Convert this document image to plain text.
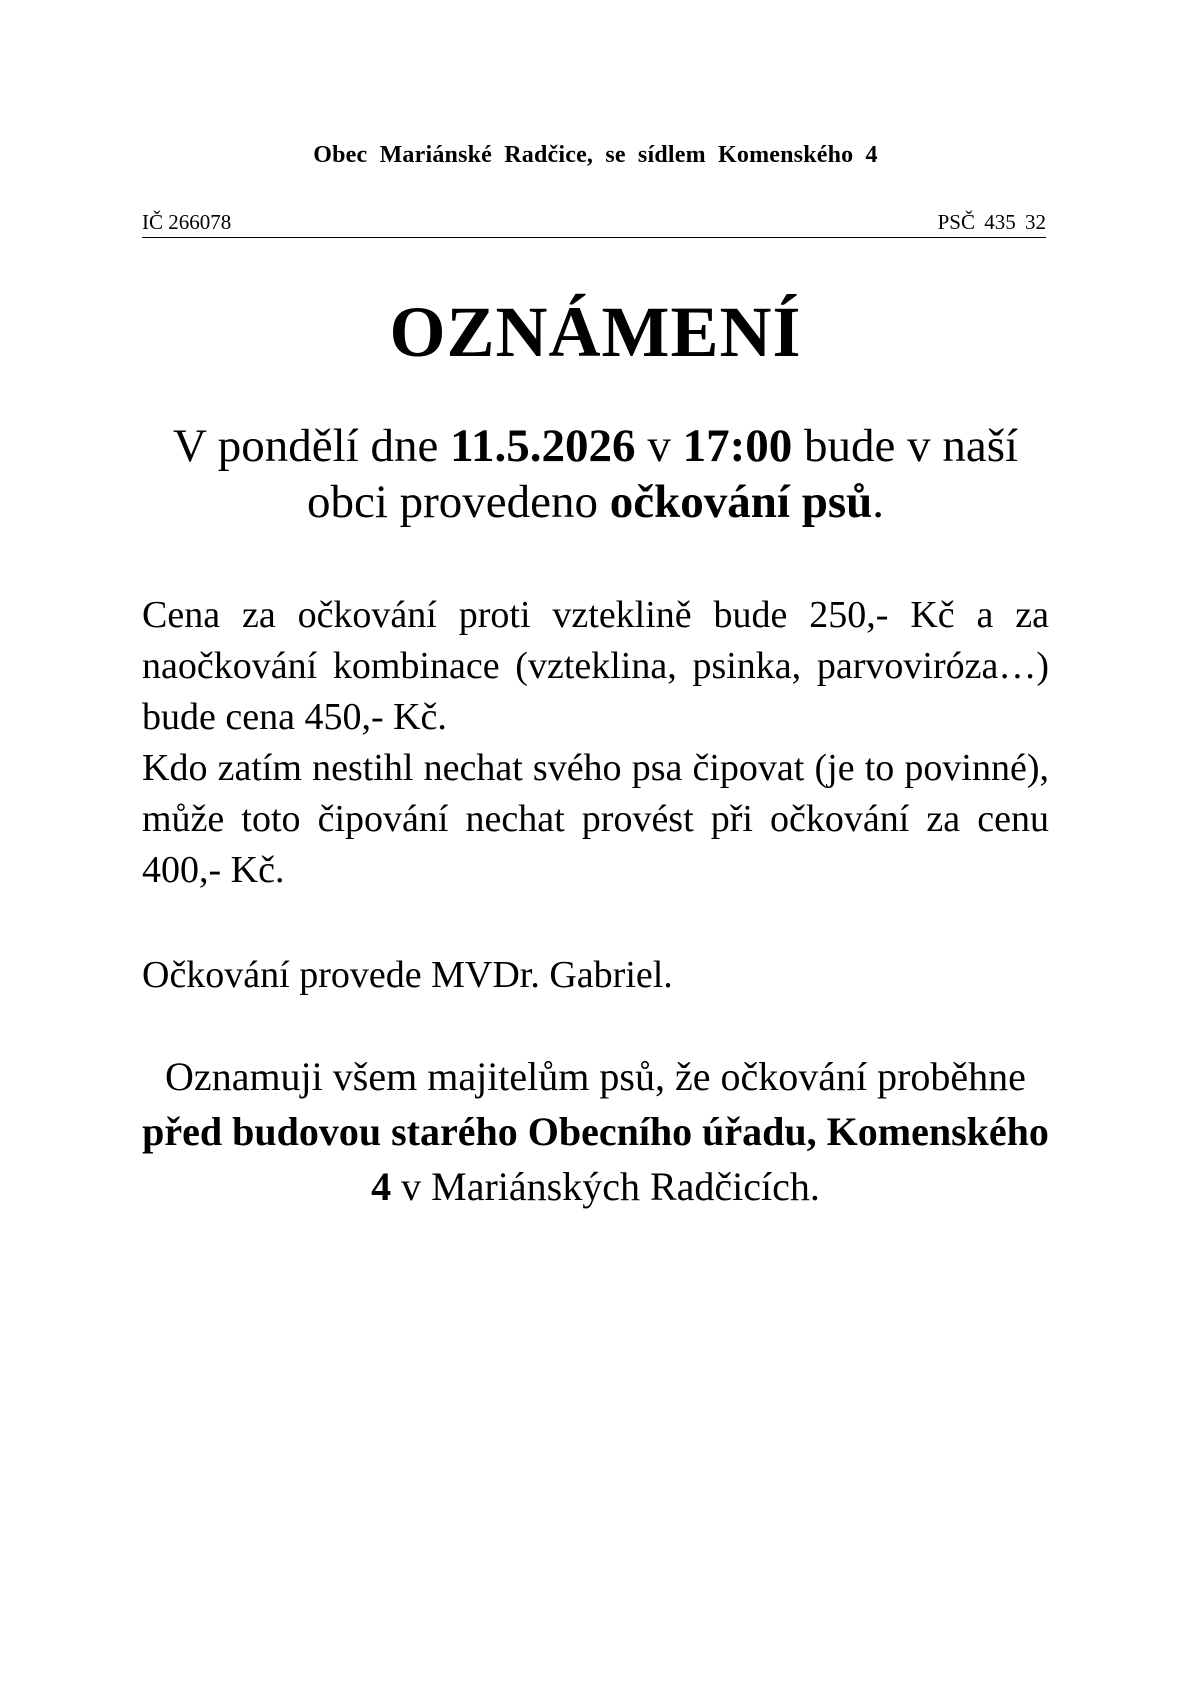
Obec Mariánské Radčice, se sídlem Komenského 4
IČ 266078	PSČ 435 32
OZNÁMENÍ
V pondělí dne 11.5.2026 v 17:00 bude v naší obci provedeno očkování psů.

Cena za očkování proti vzteklině bude 250,- Kč a za naočkování kombinace (vzteklina, psinka, parvoviróza…) bude cena 450,- Kč.

Kdo zatím nestihl nechat svého psa čipovat (je to povinné), může toto čipování nechat provést při očkování za cenu 400,- Kč.

Očkování provede MVDr. Gabriel.
Oznamuji všem majitelům psů, že očkování proběhne před budovou starého Obecního úřadu, Komenského 4 v Mariánských Radčicích.
